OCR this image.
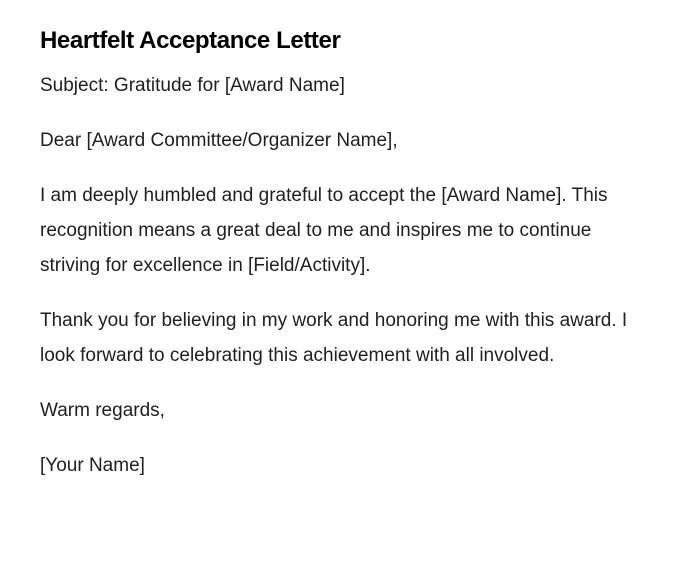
Heartfelt Acceptance Letter

Subject: Gratitude for [Award Name]

Dear [Award Committee/Organizer Name],

I am deeply humbled and grateful to accept the [Award Name]. This recognition means a great deal to me and inspires me to continue striving for excellence in [Field/Activity].

Thank you for believing in my work and honoring me with this award. I look forward to celebrating this achievement with all involved.

Warm regards,

[Your Name]
